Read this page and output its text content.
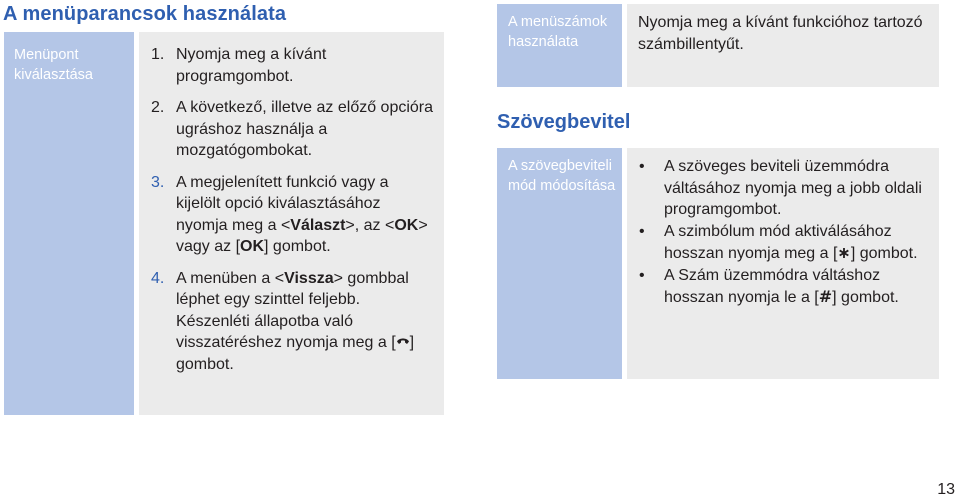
A menüparancsok használata
Menüpont kiválasztása
1. Nyomja meg a kívánt programgombot.
2. A következő, illetve az előző opcióra ugráshoz használja a mozgatógombokat.
3. A megjelenített funkció vagy a kijelölt opció kiválasztásához nyomja meg a <Választ>, az <OK> vagy az [OK] gombot.
4. A menüben a <Vissza> gombbal léphet egy szinttel feljebb.
Készenléti állapotba való visszatéréshez nyomja meg a [ ] gombot.
A menüszámok használata
Nyomja meg a kívánt funkcióhoz tartozó számbillentyűt.
Szövegbevitel
A szövegbeviteli mód módosítása
•	A szöveges beviteli üzemmódra váltásához nyomja meg a jobb oldali programgombot.
•	A szimbólum mód aktiválásához hosszan nyomja meg a [∗] gombot.
•	A Szám üzemmódra váltáshoz hosszan nyomja le a [#] gombot.
13
